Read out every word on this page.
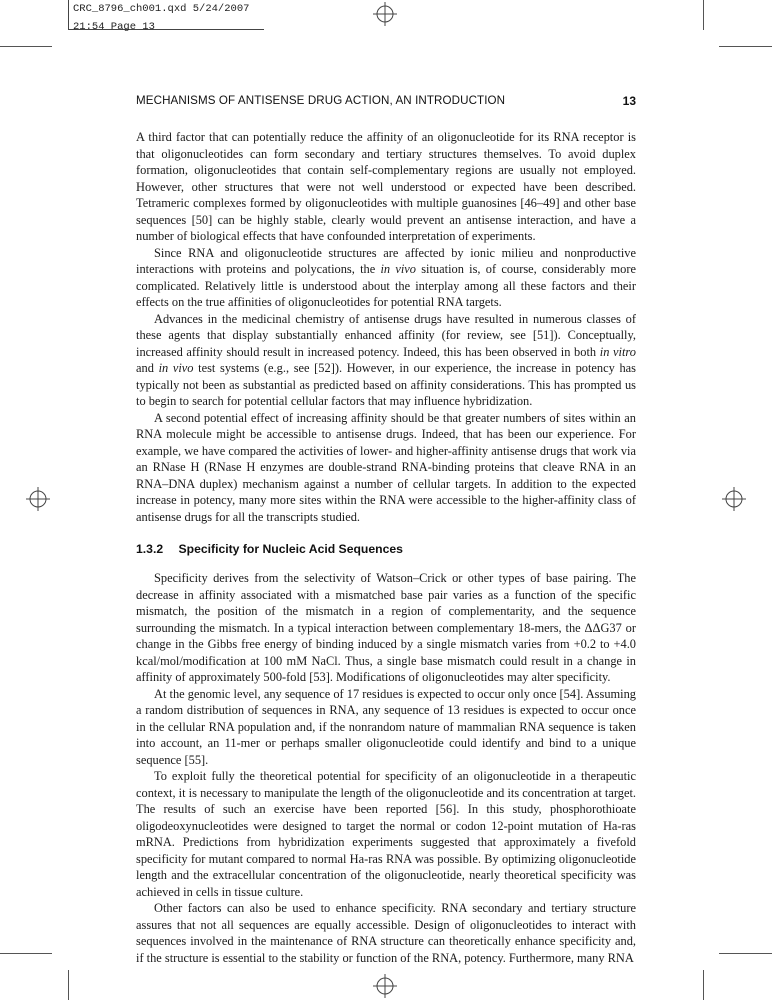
CRC_8796_ch001.qxd 5/24/2007 21:54 Page 13
MECHANISMS OF ANTISENSE DRUG ACTION, AN INTRODUCTION	13

A third factor that can potentially reduce the affinity of an oligonucleotide for its RNA receptor is that oligonucleotides can form secondary and tertiary structures themselves. To avoid duplex formation, oligonucleotides that contain self-complementary regions are usually not employed. However, other structures that were not well understood or expected have been described. Tetrameric complexes formed by oligonucleotides with multiple guanosines [46–49] and other base sequences [50] can be highly stable, clearly would prevent an antisense interaction, and have a number of biological effects that have confounded interpretation of experiments.

Since RNA and oligonucleotide structures are affected by ionic milieu and nonproductive interactions with proteins and polycations, the in vivo situation is, of course, considerably more complicated. Relatively little is understood about the interplay among all these factors and their effects on the true affinities of oligonucleotides for potential RNA targets.

Advances in the medicinal chemistry of antisense drugs have resulted in numerous classes of these agents that display substantially enhanced affinity (for review, see [51]). Conceptually, increased affinity should result in increased potency. Indeed, this has been observed in both in vitro and in vivo test systems (e.g., see [52]). However, in our experience, the increase in potency has typically not been as substantial as predicted based on affinity considerations. This has prompted us to begin to search for potential cellular factors that may influence hybridization.

A second potential effect of increasing affinity should be that greater numbers of sites within an RNA molecule might be accessible to antisense drugs. Indeed, that has been our experience. For example, we have compared the activities of lower- and higher-affinity antisense drugs that work via an RNase H (RNase H enzymes are double-strand RNA-binding proteins that cleave RNA in an RNA–DNA duplex) mechanism against a number of cellular targets. In addition to the expected increase in potency, many more sites within the RNA were accessible to the higher-affinity class of antisense drugs for all the transcripts studied.

1.3.2 Specificity for Nucleic Acid Sequences

Specificity derives from the selectivity of Watson–Crick or other types of base pairing. The decrease in affinity associated with a mismatched base pair varies as a function of the specific mismatch, the position of the mismatch in a region of complementarity, and the sequence surrounding the mismatch. In a typical interaction between complementary 18-mers, the ΔΔG37 or change in the Gibbs free energy of binding induced by a single mismatch varies from +0.2 to +4.0 kcal/mol/modification at 100 mM NaCl. Thus, a single base mismatch could result in a change in affinity of approximately 500-fold [53]. Modifications of oligonucleotides may alter specificity.

At the genomic level, any sequence of 17 residues is expected to occur only once [54]. Assuming a random distribution of sequences in RNA, any sequence of 13 residues is expected to occur once in the cellular RNA population and, if the nonrandom nature of mammalian RNA sequence is taken into account, an 11-mer or perhaps smaller oligonucleotide could identify and bind to a unique sequence [55].

To exploit fully the theoretical potential for specificity of an oligonucleotide in a therapeutic context, it is necessary to manipulate the length of the oligonucleotide and its concentration at target. The results of such an exercise have been reported [56]. In this study, phosphorothioate oligodeoxynucleotides were designed to target the normal or codon 12-point mutation of Ha-ras mRNA. Predictions from hybridization experiments suggested that approximately a fivefold specificity for mutant compared to normal Ha-ras RNA was possible. By optimizing oligonucleotide length and the extracellular concentration of the oligonucleotide, nearly theoretical specificity was achieved in cells in tissue culture.

Other factors can also be used to enhance specificity. RNA secondary and tertiary structure assures that not all sequences are equally accessible. Design of oligonucleotides to interact with sequences involved in the maintenance of RNA structure can theoretically enhance specificity and, if the structure is essential to the stability or function of the RNA, potency. Furthermore, many RNA
